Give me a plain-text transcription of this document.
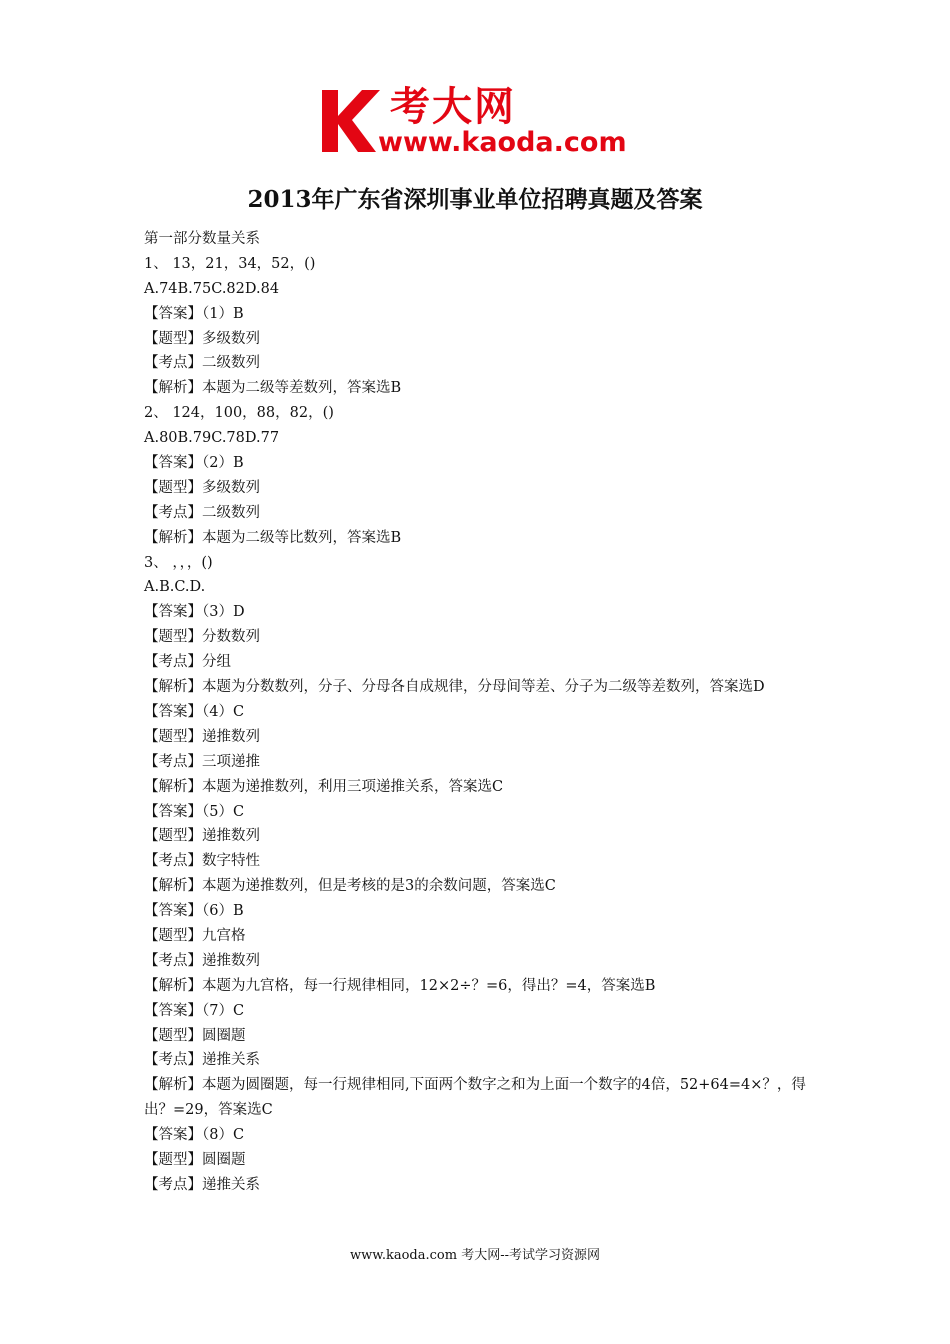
考大网
www.kaoda.com
2013年广东省深圳事业单位招聘真题及答案
第一部分数量关系
1、 13，21，34，52，()
A.74B.75C.82D.84
【答案】（1）B
【题型】多级数列
【考点】二级数列
【解析】本题为二级等差数列，答案选B
2、 124，100，88，82，()
A.80B.79C.78D.77
【答案】（2）B
【题型】多级数列
【考点】二级数列
【解析】本题为二级等比数列，答案选B
3、 ，，，()
A.B.C.D.
【答案】（3）D
【题型】分数数列
【考点】分组
【解析】本题为分数数列，分子、分母各自成规律，分母间等差、分子为二级等差数列，答案选D
【答案】（4）C
【题型】递推数列
【考点】三项递推
【解析】本题为递推数列，利用三项递推关系，答案选C
【答案】（5）C
【题型】递推数列
【考点】数字特性
【解析】本题为递推数列，但是考核的是3的余数问题，答案选C
【答案】（6）B
【题型】九宫格
【考点】递推数列
【解析】本题为九宫格，每一行规律相同，12×2÷？=6，得出？=4，答案选B
【答案】（7）C
【题型】圆圈题
【考点】递推关系
【解析】本题为圆圈题，每一行规律相同,下面两个数字之和为上面一个数字的4倍，52+64=4×？，得出？=29，答案选C
【答案】（8）C
【题型】圆圈题
【考点】递推关系
www.kaoda.com 考大网--考试学习资源网
